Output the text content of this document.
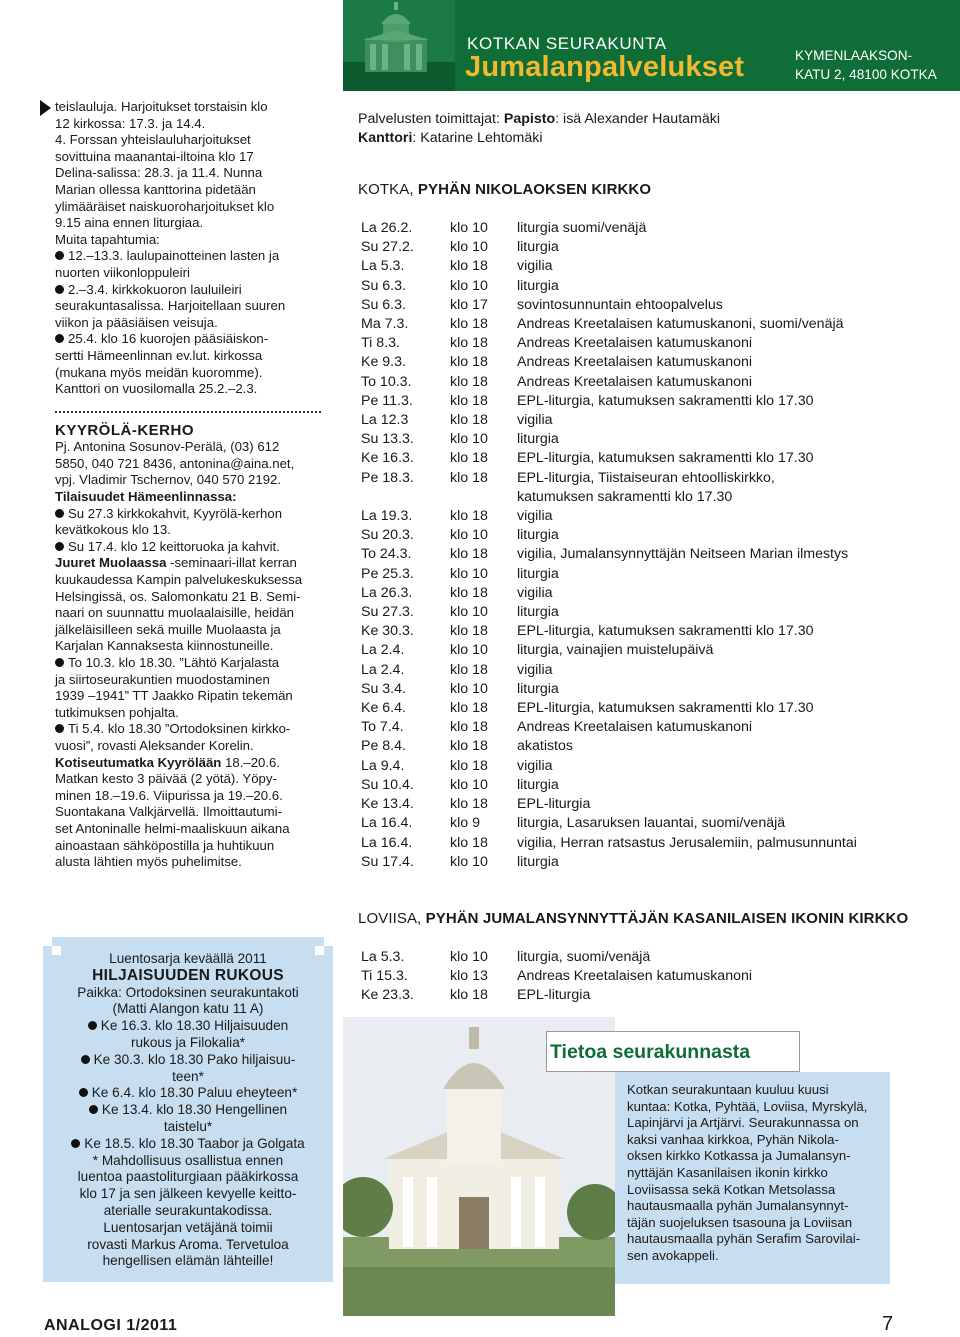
KOTKAN SEURAKUNTA
Jumalanpalvelukset	KYMENLAAKSON-
KATU 2, 48100 KOTKA

teislauluja. Harjoitukset torstaisin klo

12 kirkossa: 17.3. ja 14.4.

4. Forssan yhteislauluharjoitukset

sovittuina maanantai-iltoina klo 17

Delina-salissa: 28.3. ja 11.4. Nunna

Marian ollessa kanttorina pidetään

ylimääräiset naiskuoroharjoitukset klo

9.15 aina ennen liturgiaa.

Muita tapahtumia:

12.–13.3. laulupainotteinen lasten ja

nuorten viikonloppuleiri

2.–3.4. kirkkokuoron lauluileiri

seurakuntasalissa. Harjoitellaan suuren

viikon ja pääsiäisen veisuja.

25.4. klo 16 kuorojen pääsiäiskon-

sertti Hämeenlinnan ev.lut. kirkossa

(mukana myös meidän kuoromme).

Kanttori on vuosilomalla 25.2.–2.3.

KYYRÖLÄ-KERHO

Pj. Antonina Sosunov-Perälä, (03) 612

5850, 040 721 8436, antonina@aina.net,

vpj. Vladimir Tschernov, 040 570 2192.

Tilaisuudet Hämeenlinnassa:

Su 27.3 kirkkokahvit, Kyyrölä-kerhon

kevätkokous klo 13.

Su 17.4. klo 12 keittoruoka ja kahvit.

Juuret Muolaassa -seminaari-illat kerran

kuukaudessa Kampin palvelukeskuksessa

Helsingissä, os. Salomonkatu 21 B. Semi-

naari on suunnattu muolaalaisille, heidän

jälkeläisilleen sekä muille Muolaasta ja

Karjalan Kannaksesta kiinnostuneille.

To 10.3. klo 18.30. ”Lähtö Karjalasta

ja siirtoseurakuntien muodostaminen

1939 –1941” TT Jaakko Ripatin tekemän

tutkimuksen pohjalta.

Ti 5.4. klo 18.30 ”Ortodoksinen kirkko-

vuosi”, rovasti Aleksander Korelin.

Kotiseutumatka Kyyrölään 18.–20.6.

Matkan kesto 3 päivää (2 yötä). Yöpy-

minen 18.–19.6. Viipurissa ja 19.–20.6.

Suontakana Valkjärvellä. Ilmoittautumi-

set Antoninalle helmi-maaliskuun aikana

ainoastaan sähköpostilla ja huhtikuun

alusta lähtien myös puhelimitse.

Luentosarja keväällä 2011
HILJAISUUDEN RUKOUS
Paikka: Ortodoksinen seurakuntakoti
(Matti Alangon katu 11 A)
Ke 16.3. klo 18.30 Hiljaisuuden
rukous ja Filokalia*
Ke 30.3. klo 18.30 Pako hiljaisuu-
teen*
Ke 6.4. klo 18.30 Paluu eheyteen*
Ke 13.4. klo 18.30 Hengellinen
taistelu*
Ke 18.5. klo 18.30 Taabor ja Golgata
* Mahdollisuus osallistua ennen
luentoa paastoliturgiaan pääkirkossa
klo 17 ja sen jälkeen kevyelle keitto-
aterialle seurakuntakodissa.
Luentosarjan vetäjänä toimii
rovasti Markus Aroma. Tervetuloa
hengellisen elämän lähteille!
Palvelusten toimittajat: Papisto: isä Alexander Hautamäki
Kanttori: Katarine Lehtomäki
KOTKA, PYHÄN NIKOLAOKSEN KIRKKO
La 26.2.	klo 10	liturgia suomi/venäjä
Su 27.2.	klo 10	liturgia
La 5.3.	klo 18	vigilia
Su 6.3.	klo 10	liturgia
Su 6.3.	klo 17	sovintosunnuntain ehtoopalvelus
Ma 7.3.	klo 18	Andreas Kreetalaisen katumuskanoni, suomi/venäjä
Ti 8.3.	klo 18	Andreas Kreetalaisen katumuskanoni
Ke 9.3.	klo 18	Andreas Kreetalaisen katumuskanoni
To 10.3.	klo 18	Andreas Kreetalaisen katumuskanoni
Pe 11.3.	klo 18	EPL-liturgia, katumuksen sakramentti klo 17.30
La 12.3	klo 18	vigilia
Su 13.3.	klo 10	liturgia
Ke 16.3.	klo 18	EPL-liturgia, katumuksen sakramentti klo 17.30
Pe 18.3.	klo 18	EPL-liturgia, Tiistaiseuran ehtoolliskirkko,
katumuksen sakramentti klo 17.30
La 19.3.	klo 18	vigilia
Su 20.3.	klo 10	liturgia
To 24.3.	klo 18	vigilia, Jumalansynnyttäjän Neitseen Marian ilmestys
Pe 25.3.	klo 10	liturgia
La 26.3.	klo 18	vigilia
Su 27.3.	klo 10	liturgia
Ke 30.3.	klo 18	EPL-liturgia, katumuksen sakramentti klo 17.30
La 2.4.	klo 10	liturgia, vainajien muistelupäivä
La 2.4.	klo 18	vigilia
Su 3.4.	klo 10	liturgia
Ke 6.4.	klo 18	EPL-liturgia, katumuksen sakramentti klo 17.30
To 7.4.	klo 18	Andreas Kreetalaisen katumuskanoni
Pe 8.4.	klo 18	akatistos
La 9.4.	klo 18	vigilia
Su 10.4.	klo 10	liturgia
Ke 13.4.	klo 18	EPL-liturgia
La 16.4.	klo 9	liturgia, Lasaruksen lauantai, suomi/venäjä
La 16.4.	klo 18	vigilia, Herran ratsastus Jerusalemiin, palmusunnuntai
Su 17.4.	klo 10	liturgia
LOVIISA, PYHÄN JUMALANSYNNYTTÄJÄN KASANILAISEN IKONIN KIRKKO
La 5.3.	klo 10	liturgia, suomi/venäjä
Ti 15.3.	klo 13	Andreas Kreetalaisen katumuskanoni
Ke 23.3.	klo 18	EPL-liturgia
Tietoa seurakunnasta
Kotkan seurakuntaan kuuluu kuusi
kuntaa: Kotka, Pyhtää, Loviisa, Myrskylä,
Lapinjärvi ja Artjärvi. Seurakunnassa on
kaksi vanhaa kirkkoa, Pyhän Nikola-
oksen kirkko Kotkassa ja Jumalansyn-
nyttäjän Kasanilaisen ikonin kirkko
Loviisassa sekä Kotkan Metsolassa
hautausmaalla pyhän Jumalansynnyt-
täjän suojeluksen tsasouna ja Loviisan
hautausmaalla pyhän Serafim Sarovilai-
sen avokappeli.
ANALOGI 1/2011	7
